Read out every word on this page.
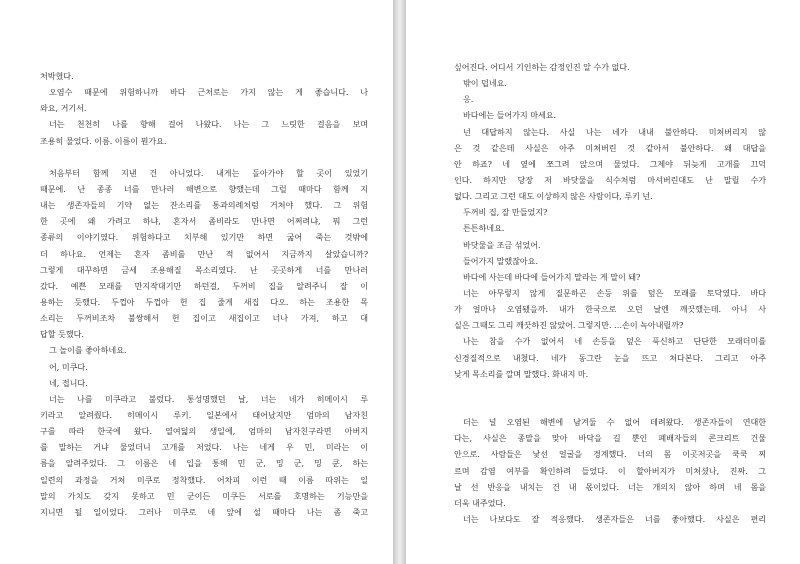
처박혔다.
오염수 때문에 위험하니까 바다 근처로는 가지 않는 게 좋습니다. 나
와요, 거기서.
너는 천천히 나를 향해 걸어 나왔다. 나는 그 느릿한 걸음을 보며
조용히 물었다. 이름. 이름이 뭔가요.
처음부터 함께 지낸 건 아니었다. 내게는 돌아가야 할 곳이 있었기
때문에. 난 종종 너를 만나러 해변으로 향했는데 그럴 때마다 함께 지
내는 생존자들의 기약 없는 잔소리를 통과의례처럼 거쳐야 했다. 그 위험
한 곳에 왜 가려고 하냐, 혼자서 좀비라도 만나면 어쩌려냐, 뭐 그런
종류의 이야기였다. 위험하다고 치부해 있기만 하면 굶어 죽는 것밖에
더 하나요. 언제는 혼자 좀비를 만난 적 없어서 지금까지 살았습니까?
그렇게 대꾸하면 금세 조용해질 목소리였다. 난 곳곳하게 너를 만나러
갔다. 예쁜 모래를 만지작대기만 하던걸, 두꺼비 집을 알려주니 잘 이
용하는 듯했다. 두껍아 두껍아 헌 집 줄게 새집 다오. 하는 조용한 목
소리는 두꺼비조차 불쌍해서 헌 집이고 새집이고 너나 가져, 하고 대
답할 듯했다.
그 놀이를 좋아하네요.
어, 미쿠다.
네, 접니다.
너는 나를 미쿠라고 불렀다. 통성명했던 날, 너는 네가 히메이시 루
키라고 알려줬다. 히메이시 루키. 일본에서 태어났지만 엄마의 남자친
구를 따라 한국에 왔다. 열여덟의 생일에, 엄마의 남자친구라면 아버지
를 말하는 거냐 물었더니 고개를 저었다. 나는 네게 우 민, 미라는 이
름을 알려주었다. 그 이름은 네 입을 통해 민 군, 밍 군, 밍 쿤, 하는
일련의 과정을 거쳐 미쿠로 정착했다. 어차피 이런 때 이름 따위는 일
말의 가치도 갖지 못하고 민 군이든 미쿠든 서로를 호명하는 기능만을
지니면 될 일이었다. 그러나 미쿠로 네 앞에 설 때마다 나는 좀 죽고
싶어진다. 어디서 기인하는 감정인진 알 수가 없다.
밖이 덥네요.
응.
바다에는 들어가지 마세요.
넌 대답하지 않는다. 사실 나는 네가 내내 불안하다. 미쳐버리지 않
은 것 같은데 사실은 아주 미쳐버린 것 같아서 불안하다. 왜 대답을
안 하죠? 네 옆에 쪼그려 앉으며 물었다. 그제야 뒤늦게 고개를 끄덕
인다. 하지만 당장 저 바닷물을 식수처럼 마셔버린대도 난 말릴 수가
없다. 그리고 그런 대도 이상하지 않은 사람이다, 루키 넌.
두꺼비 집, 잘 만들었지?
튼튼하네요.
바닷물을 조금 섞었어.
들어가지 말랬잖아요.
바다에 사는데 바다에 들어가지 말라는 게 말이 돼?
너는 아무렇지 않게 질문하곤 손등 위를 덮은 모래를 토닥였다. 바다
가 얼마나 오염됐을까. 내가 한국으로 오던 날엔 깨끗했는데. 아니 사
실은 그때도 그리 깨끗하진 않았어. 그렇지만. …손이 녹아내릴까?
나는 참을 수가 없어서 네 손등을 덮은 푹신하고 단단한 모래더미를
신경질적으로 내쳤다. 네가 동그란 눈을 뜨고 쳐다본다. 그리고 아주
낮게 목소리를 깔며 말했다. 화내지 마.
더는 널 오염된 해변에 남겨둘 수 없어 데려왔다. 생존자들이 연대한
다는, 사실은 종말을 맞아 바닥을 길 뿐인 폐배자들의 콘크리트 건물
안으로. 사람들은 낯선 얼굴을 경계했다. 너의 몸 이곳저곳을 쿡쿡 찌
르며 감염 여부를 확인하려 들었다. 이 할아버지가 미쳐셨나, 진짜. 그
날 선 반응을 내치는 건 내 몫이었다. 너는 개의치 않아 하며 네 몸을
더욱 내주었다.
너는 나보다도 잘 적응했다. 생존자들은 너를 좋아했다. 사실은 편리
